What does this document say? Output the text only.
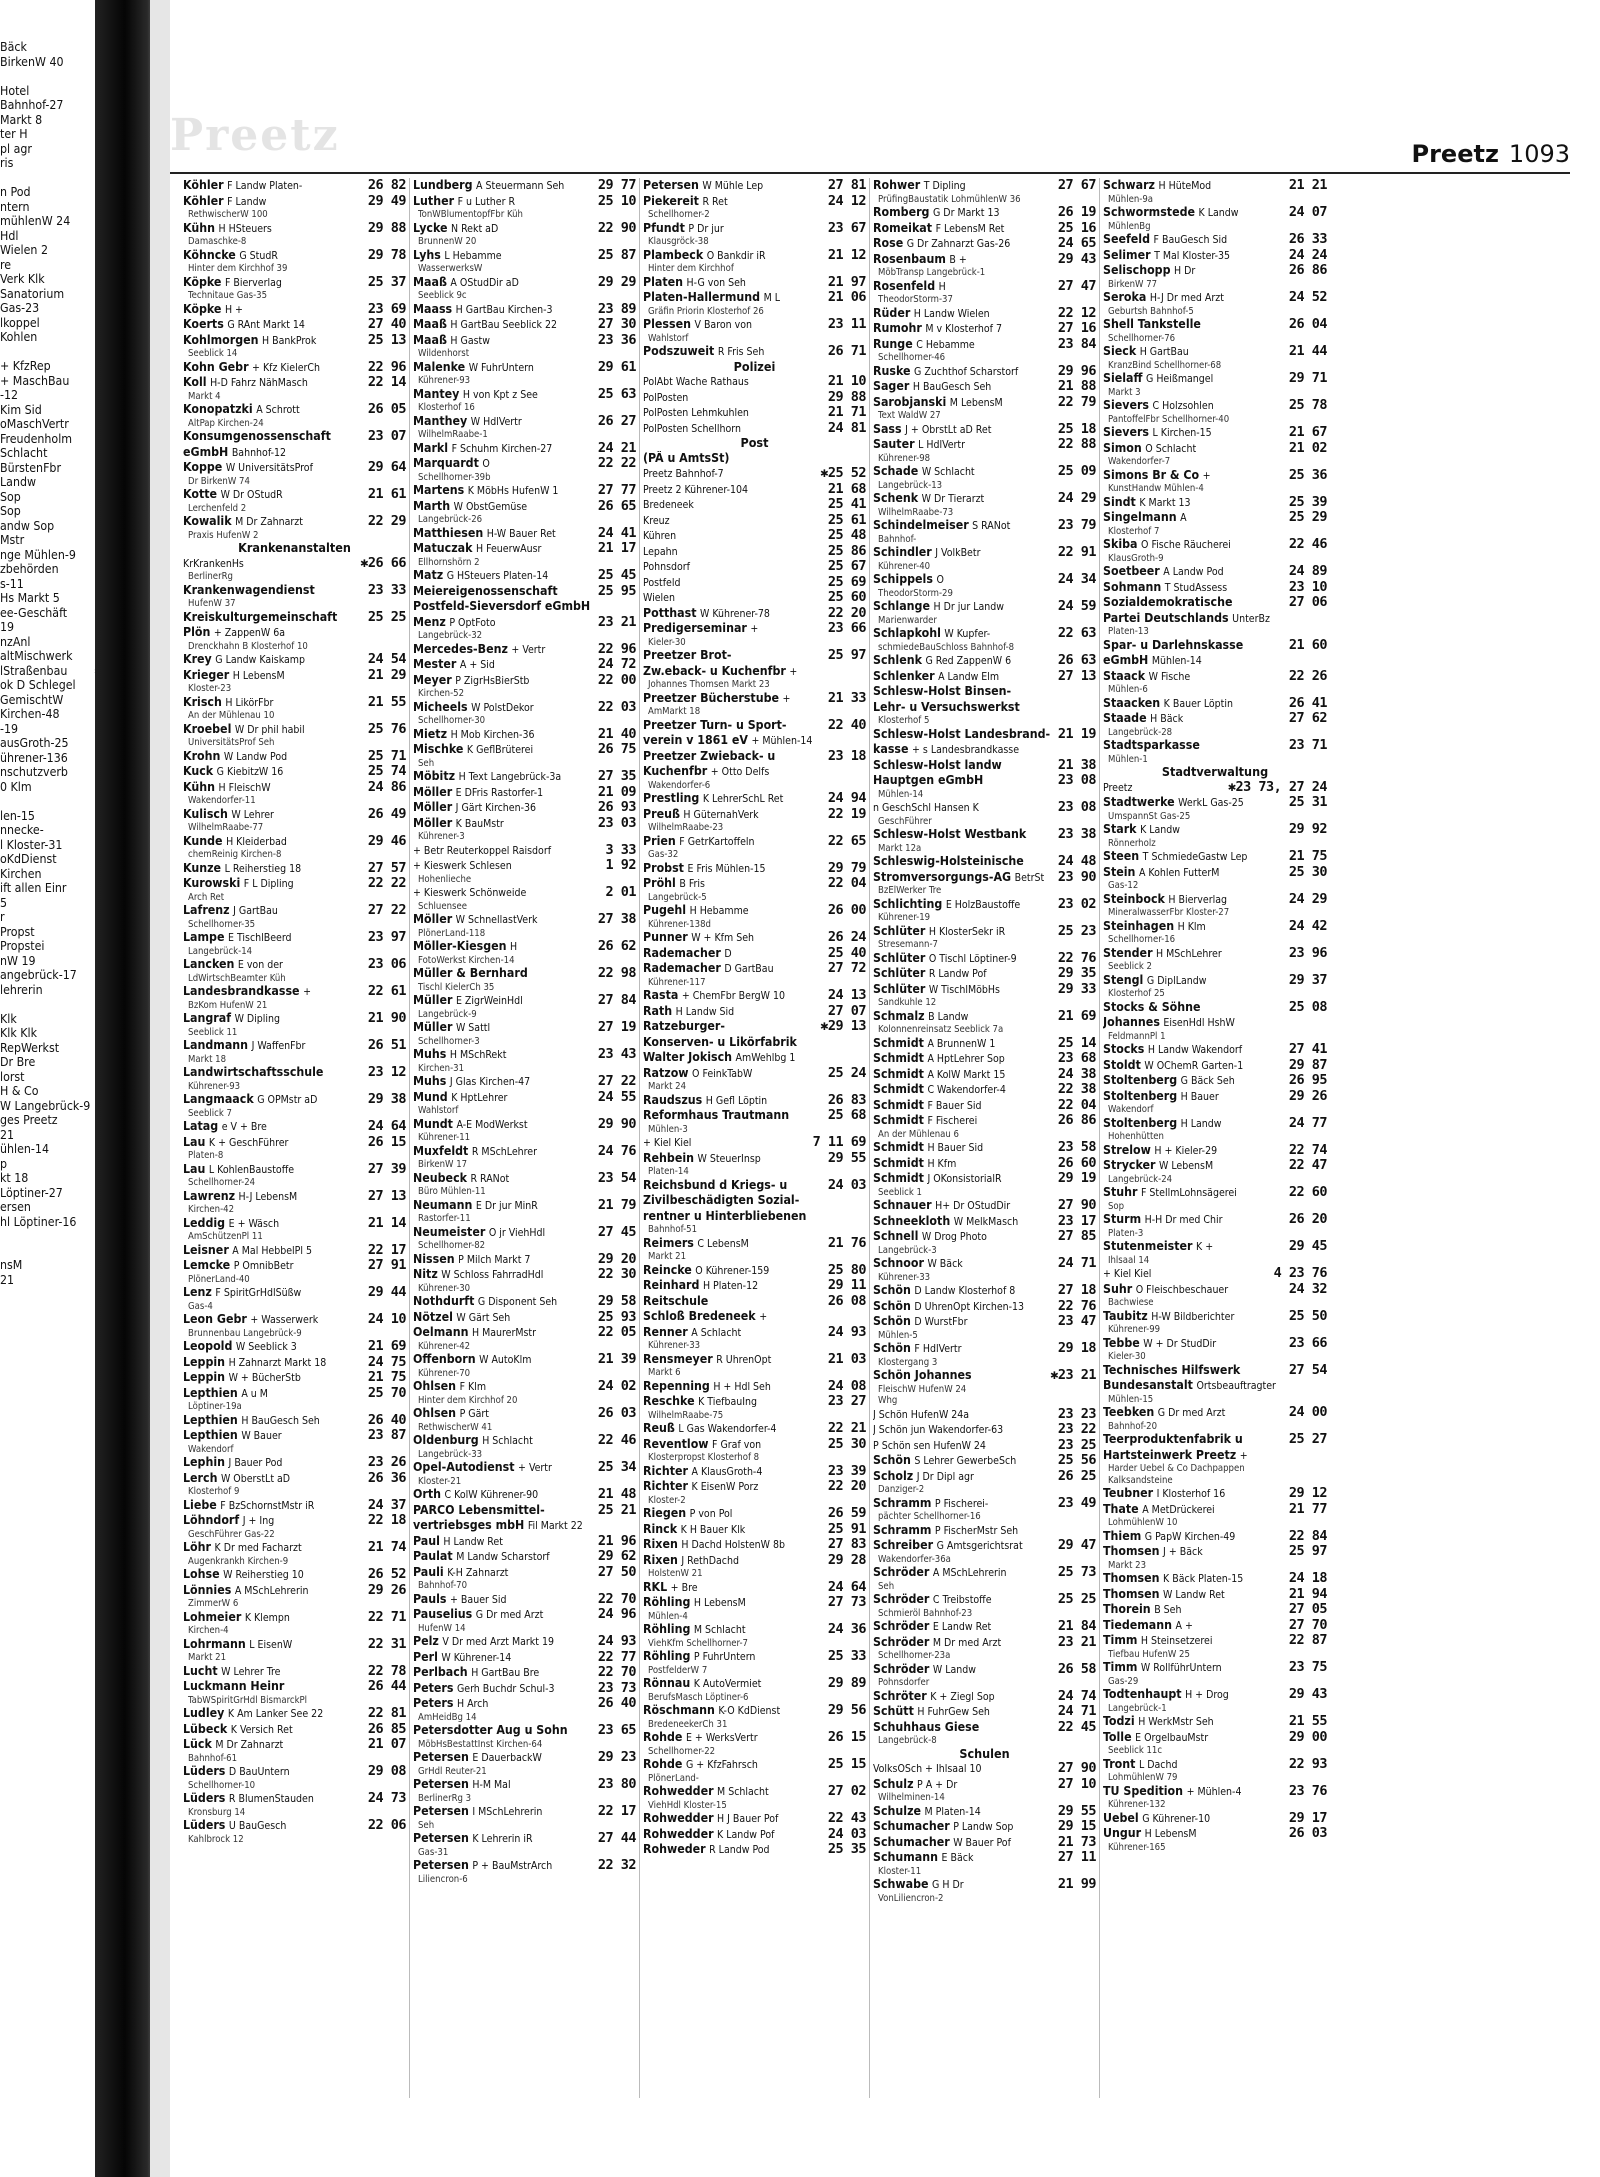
Bäck
BirkenW 40
Hotel
Bahnhof-27
Markt 8
ter H
pl agr
ris
n Pod
ntern
mühlenW 24
Hdl
Wielen 2
re
Verk Klk
Sanatorium
Gas-23
lkoppel
Kohlen
+ KfzRep
+ MaschBau
-12
Kim Sid
oMaschVertr
Freudenholm
Schlacht
BürstenFbr
Landw
Sop
Sop
andw Sop
Mstr
nge Mühlen-9
zbehörden
s-11
Hs Markt 5
ee-Geschäft
19
nzAnl
altMischwerk
lStraßenbau
ok D Schlegel
GemischtW
Kirchen-48
-19
ausGroth-25
ührener-136
nschutzverb
0 Klm
len-15
nnecke-
l Kloster-31
oKdDienst
Kirchen
ift allen Einr
5
r
Propst
Propstei
nW 19
angebrück-17
lehrerin
Klk
Klk Klk
RepWerkst
Dr Bre
lorst
H & Co
W Langebrück-9
ges Preetz
21
ühlen-14
p
kt 18
Löptiner-27
ersen
hl Löptiner-16
nsM
21
Preetz	Preetz 1093
Köhler F Landw Platen-	26 82
Köhler F Landw	29 49
RethwischerW 100
Kühn H HSteuers	29 88
Damaschke-8
Köhncke G StudR	29 78
Hinter dem Kirchhof 39
Köpke F Bierverlag	25 37
Technitaue Gas-35
Köpke H +	23 69
Koerts G RAnt Markt 14	27 40
Kohlmorgen H BankProk	25 13
Seeblick 14
Kohn Gebr + Kfz KielerCh	22 96
Koll H-D Fahrz NähMasch	22 14
Markt 4
Konopatzki A Schrott	26 05
AltPap Kirchen-24
Konsumgenossenschaft	23 07
eGmbH Bahnhof-12
Koppe W UniversitätsProf	29 64
Dr BirkenW 74
Kotte W Dr OStudR	21 61
Lerchenfeld 2
Kowalik M Dr Zahnarzt	22 29
Praxis HufenW 2
Krankenanstalten
KrKrankenHs	✱26 66
BerlinerRg
Krankenwagendienst	23 33
HufenW 37
Kreiskulturgemeinschaft	25 25
Plön + ZappenW 6a
Drenckhahn B Klosterhof 10
Krey G Landw Kaiskamp	24 54
Krieger H LebensM	21 29
Kloster-23
Krisch H LikörFbr	21 55
An der Mühlenau 10
Kroebel W Dr phil habil	25 76
UniversitätsProf Seh
Krohn W Landw Pod	25 71
Kuck G KiebitzW 16	25 74
Kühn H FleischW	24 86
Wakendorfer-11
Kulisch W Lehrer	26 49
WilhelmRaabe-77
Kunde H Kleiderbad	29 46
chemReinig Kirchen-8
Kunze L Reiherstieg 18	27 57
Kurowski F L Dipling	22 22
Arch Ret
Lafrenz J GartBau	27 22
Schellhorner-35
Lampe E TischlBeerd	23 97
Langebrück-14
Lancken E von der	23 06
LdWirtschBeamter Küh
Landesbrandkasse +	22 61
BzKom HufenW 21
Langraf W Dipling	21 90
Seeblick 11
Landmann J WaffenFbr	26 51
Markt 18
Landwirtschaftsschule	23 12
Kührener-93
Langmaack G OPMstr aD	29 38
Seeblick 7
Latag e V + Bre	24 64
Lau K + GeschFührer	26 15
Platen-8
Lau L KohlenBaustoffe	27 39
Schellhorner-24
Lawrenz H-J LebensM	27 13
Kirchen-42
Leddig E + Wäsch	21 14
AmSchützenPl 11
Leisner A Mal HebbelPl 5	22 17
Lemcke P OmnibBetr	27 91
PlönerLand-40
Lenz F SpiritGrHdlSüßw	29 44
Gas-4
Leon Gebr + Wasserwerk	24 10
Brunnenbau Langebrück-9
Leopold W Seeblick 3	21 69
Leppin H Zahnarzt Markt 18	24 75
Leppin W + BücherStb	21 75
Lepthien A u M	25 70
Löptiner-19a
Lepthien H BauGesch Seh	26 40
Lepthien W Bauer	23 87
Wakendorf
Lephin J Bauer Pod	23 26
Lerch W OberstLt aD	26 36
Klosterhof 9
Liebe F BzSchornstMstr iR	24 37
Löhndorf J + Ing	22 18
GeschFührer Gas-22
Löhr K Dr med Facharzt	21 74
Augenkrankh Kirchen-9
Lohse W Reiherstieg 10	26 52
Lönnies A MSchLehrerin	29 26
ZimmerW 6
Lohmeier K Klempn	22 71
Kirchen-4
Lohrmann L EisenW	22 31
Markt 21
Lucht W Lehrer Tre	22 78
Luckmann Heinr	26 44
TabWSpiritGrHdl BismarckPl
Ludley K Am Lanker See 22	22 81
Lübeck K Versich Ret	26 85
Lück M Dr Zahnarzt	21 07
Bahnhof-61
Lüders D BauUntern	29 08
Schellhorner-10
Lüders R BlumenStauden	24 73
Kronsburg 14
Lüders U BauGesch	22 06
Kahlbrock 12
Lundberg A Steuermann Seh	29 77
Luther F u Luther R	25 10
TonWBlumentopfFbr Küh
Lycke N Rekt aD	22 90
BrunnenW 20
Lyhs L Hebamme	25 87
WasserwerksW
Maaß A OStudDir aD	29 29
Seeblick 9c
Maass H GartBau Kirchen-3	23 89
Maaß H GartBau Seeblick 22	27 30
Maaß H Gastw	23 36
Wildenhorst
Malenke W FuhrUntern	29 61
Kührener-93
Mantey H von Kpt z See	25 63
Klosterhof 16
Manthey W HdlVertr	26 27
WilhelmRaabe-1
Markl F Schuhm Kirchen-27	24 21
Marquardt O	22 22
Schellhorner-39b
Martens K MöbHs HufenW 1	27 77
Marth W ObstGemüse	26 65
Langebrück-26
Matthiesen H-W Bauer Ret	24 41
Matuczak H FeuerwAusr	21 17
Ellhornshörn 2
Matz G HSteuers Platen-14	25 45
Meiereigenossenschaft	25 95
Postfeld-Sieversdorf eGmbH
Menz P OptFoto	23 21
Langebrück-32
Mercedes-Benz + Vertr	22 96
Mester A + Sid	24 72
Meyer P ZigrHsBierStb	22 00
Kirchen-52
Micheels W PolstDekor	22 03
Schellhorner-30
Mietz H Mob Kirchen-36	21 40
Mischke K GeflBrüterei	26 75
Seh
Möbitz H Text Langebrück-3a	27 35
Möller E DFris Rastorfer-1	21 09
Möller J Gärt Kirchen-36	26 93
Möller K BauMstr	23 03
Kührener-3
+ Betr Reuterkoppel Raisdorf	3 33
+ Kieswerk Schlesen	1 92
Hohenlieche
+ Kieswerk Schönweide	2 01
Schluensee
Möller W SchnellastVerk	27 38
PlönerLand-118
Möller-Kiesgen H	26 62
FotoWerkst Kirchen-14
Müller & Bernhard	22 98
Tischl KielerCh 35
Müller E ZigrWeinHdl	27 84
Langebrück-9
Müller W Sattl	27 19
Schellhorner-3
Muhs H MSchRekt	23 43
Kirchen-31
Muhs J Glas Kirchen-47	27 22
Mund K HptLehrer	24 55
Wahlstorf
Mundt A-E ModWerkst	29 90
Kührener-11
Muxfeldt R MSchLehrer	24 76
BirkenW 17
Neubeck R RANot	23 54
Büro Mühlen-11
Neumann E Dr jur MinR	21 79
Rastorfer-11
Neumeister O jr ViehHdl	27 45
Schellhorner-82
Nissen P Milch Markt 7	29 20
Nitz W Schloss FahrradHdl	22 30
Kührener-30
Nothdurft G Disponent Seh	29 58
Nötzel W Gärt Seh	25 93
Oelmann H MaurerMstr	22 05
Kührener-42
Offenborn W AutoKlm	21 39
Kührener-70
Ohlsen F Klm	24 02
Hinter dem Kirchhof 20
Ohlsen P Gärt	26 03
RethwischerW 41
Oldenburg H Schlacht	22 46
Langebrück-33
Opel-Autodienst + Vertr	25 34
Kloster-21
Orth C KolW Kührener-90	21 48
PARCO Lebensmittel-	25 21
vertriebsges mbH Fil Markt 22
Paul H Landw Ret	21 96
Paulat M Landw Scharstorf	29 62
Pauli K-H Zahnarzt	27 50
Bahnhof-70
Pauls + Bauer Sid	22 70
Pauselius G Dr med Arzt	24 96
HufenW 14
Pelz V Dr med Arzt Markt 19	24 93
Perl W Kührener-14	22 77
Perlbach H GartBau Bre	22 70
Peters Gerh Buchdr Schul-3	23 73
Peters H Arch	26 40
AmHeidBg 14
Petersdotter Aug u Sohn	23 65
MöbHsBestattInst Kirchen-64
Petersen E DauerbackW	29 23
GrHdl Reuter-21
Petersen H-M Mal	23 80
BerlinerRg 3
Petersen I MSchLehrerin	22 17
Seh
Petersen K Lehrerin iR	27 44
Gas-31
Petersen P + BauMstrArch	22 32
Liliencron-6
Petersen W Mühle Lep	27 81
Piekereit R Ret	24 12
Schellhorner-2
Pfundt P Dr jur	23 67
Klausgröck-38
Plambeck O Bankdir iR	21 12
Hinter dem Kirchhof
Platen H-G von Seh	21 97
Platen-Hallermund M L	21 06
Gräfin Priorin Klosterhof 26
Plessen V Baron von	23 11
Wahlstorf
Podszuweit R Fris Seh	26 71
Polizei
PolAbt Wache Rathaus	21 10
PolPosten	29 88
PolPosten Lehmkuhlen	21 71
PolPosten Schellhorn	24 81
Post
(PÄ u AmtsSt)
Preetz Bahnhof-7	✱25 52
Preetz 2 Kührener-104	21 68
Bredeneek	25 41
Kreuz	25 61
Kühren	25 48
Lepahn	25 86
Pohnsdorf	25 67
Postfeld	25 69
Wielen	25 60
Potthast W Kührener-78	22 20
Predigerseminar +	23 66
Kieler-30
Preetzer Brot-	25 97
Zw.eback- u Kuchenfbr +
Johannes Thomsen Markt 23
Preetzer Bücherstube +	21 33
AmMarkt 18
Preetzer Turn- u Sport-	22 40
verein v 1861 eV + Mühlen-14
Preetzer Zwieback- u	23 18
Kuchenfbr + Otto Delfs
Wakendorfer-6
Prestling K LehrerSchL Ret	24 94
Preuß H GüternahVerk	22 19
WilhelmRaabe-23
Prien F GetrKartoffeln	22 65
Gas-32
Probst E Fris Mühlen-15	29 79
Pröhl B Fris	22 04
Langebrück-5
Pugehl H Hebamme	26 00
Kührener-138d
Punner W + Kfm Seh	26 24
Rademacher D	25 40
Rademacher D GartBau	27 72
Kührener-117
Rasta + ChemFbr BergW 10	24 13
Rath H Landw Sid	27 07
Ratzeburger-	✱29 13
Konserven- u Likörfabrik
Walter Jokisch AmWehlbg 1
Ratzow O FeinkTabW	25 24
Markt 24
Raudszus H Gefl Löptin	26 83
Reformhaus Trautmann	25 68
Mühlen-3
+ Kiel Kiel	7 11 69
Rehbein W SteuerInsp	29 55
Platen-14
Reichsbund d Kriegs- u	24 03
Zivilbeschädigten Sozial-
rentner u Hinterbliebenen
Bahnhof-51
Reimers C LebensM	21 76
Markt 21
Reincke O Kührener-159	25 80
Reinhard H Platen-12	29 11
Reitschule	26 08
Schloß Bredeneek +
Renner A Schlacht	24 93
Kührener-33
Rensmeyer R UhrenOpt	21 03
Markt 6
Repenning H + Hdl Seh	24 08
Reschke K TiefbauIng	23 27
WilhelmRaabe-75
Reuß L Gas Wakendorfer-4	22 21
Reventlow F Graf von	25 30
Klosterpropst Klosterhof 8
Richter A KlausGroth-4	23 39
Richter K EisenW Porz	22 20
Kloster-2
Riegen P von Pol	26 59
Rinck K H Bauer Klk	25 91
Rixen H Dachd HolstenW 8b	27 83
Rixen J RethDachd	29 28
HolstenW 21
RKL + Bre	24 64
Röhling H LebensM	27 73
Mühlen-4
Röhling M Schlacht	24 36
ViehKfm Schellhorner-7
Röhling P FuhrUntern	25 33
PostfelderW 7
Rönnau K AutoVermiet	29 89
BerufsMasch Löptiner-6
Röschmann K-O KdDienst	29 56
BredeneekerCh 31
Rohde E + WerksVertr	26 15
Schellhorner-22
Rohde G + KfzFahrsch	25 15
PlönerLand-
Rohwedder M Schlacht	27 02
ViehHdl Kloster-15
Rohwedder H J Bauer Pof	22 43
Rohwedder K Landw Pof	24 03
Rohweder R Landw Pod	25 35
Rohwer T Dipling	27 67
PrüfingBaustatik LohmühlenW 36
Romberg G Dr Markt 13	26 19
Romeikat F LebensM Ret	25 16
Rose G Dr Zahnarzt Gas-26	24 65
Rosenbaum B +	29 43
MöbTransp Langebrück-1
Rosenfeld H	27 47
TheodorStorm-37
Rüder H Landw Wielen	22 12
Rumohr M v Klosterhof 7	27 16
Runge C Hebamme	23 84
Schellhorner-46
Ruske G Zuchthof Scharstorf	29 96
Sager H BauGesch Seh	21 88
Sarobjanski M LebensM	22 79
Text WaldW 27
Sass J + ObrstLt aD Ret	25 18
Sauter L HdlVertr	22 88
Kührener-98
Schade W Schlacht	25 09
Langebrück-13
Schenk W Dr Tierarzt	24 29
WilhelmRaabe-73
Schindelmeiser S RANot	23 79
Bahnhof-
Schindler J VolkBetr	22 91
Kührener-40
Schippels O	24 34
TheodorStorm-29
Schlange H Dr jur Landw	24 59
Marienwarder
Schlapkohl W Kupfer-	22 63
schmiedeBauSchloss Bahnhof-8
Schlenk G Red ZappenW 6	26 63
Schlenker A Landw Elm	27 13
Schlesw-Holst Binsen-
Lehr- u Versuchswerkst
Klosterhof 5
Schlesw-Holst Landesbrand- 21 19
kasse + s Landesbrandkasse
Schlesw-Holst landw	21 38
Hauptgen eGmbH	23 08
Mühlen-14
n GeschSchl Hansen K	23 08
GeschFührer
Schlesw-Holst Westbank	23 38
Markt 12a
Schleswig-Holsteinische	24 48
Stromversorgungs-AG BetrSt	23 90
BzElWerker Tre
Schlichting E HolzBaustoffe	23 02
Kührener-19
Schlüter H KlosterSekr iR	25 23
Stresemann-7
Schlüter O Tischl Löptiner-9	22 76
Schlüter R Landw Pof	29 35
Schlüter W TischlMöbHs	29 33
Sandkuhle 12
Schmalz B Landw	21 69
Kolonnenreinsatz Seeblick 7a
Schmidt A BrunnenW 1	25 14
Schmidt A HptLehrer Sop	23 68
Schmidt A KolW Markt 15	24 38
Schmidt C Wakendorfer-4	22 38
Schmidt F Bauer Sid	22 04
Schmidt F Fischerei	26 86
An der Mühlenau 6
Schmidt H Bauer Sid	23 58
Schmidt H Kfm	26 60
Schmidt J OKonsistorialR	29 19
Seeblick 1
Schnauer H+ Dr OStudDir	27 90
Schneekloth W MelkMasch	23 17
Schnell W Drog Photo	27 85
Langebrück-3
Schnoor W Bäck	24 71
Kührener-33
Schön D Landw Klosterhof 8	27 18
Schön D UhrenOpt Kirchen-13	22 76
Schön D WurstFbr	23 47
Mühlen-5
Schön F HdlVertr	29 18
Klostergang 3
Schön Johannes	✱23 21
FleischW HufenW 24
Whg
J Schön HufenW 24a	23 23
J Schön jun Wakendorfer-63	23 22
P Schön sen HufenW 24	23 25
Schön S Lehrer GewerbeSch	25 56
Scholz J Dr Dipl agr	26 25
Danziger-2
Schramm P Fischerei-	23 49
pächter Schellhorner-16
Schramm P FischerMstr Seh
Schreiber G Amtsgerichtsrat	29 47
Wakendorfer-36a
Schröder A MSchLehrerin	25 73
Seh
Schröder C Treibstoffe	25 25
Schmieröl Bahnhof-23
Schröder E Landw Ret	21 84
Schröder M Dr med Arzt	23 21
Schellhorner-23a
Schröder W Landw	26 58
Pohnsdorfer
Schröter K + Ziegl Sop	24 74
Schütt H FuhrGew Seh	24 71
Schuhhaus Giese	22 45
Langebrück-8
Schulen
VolksOSch + Ihlsaal 10	27 90
Schulz P A + Dr	27 10
Wilhelminen-14
Schulze M Platen-14	29 55
Schumacher P Landw Sop	29 15
Schumacher W Bauer Pof	21 73
Schumann E Bäck	27 11
Kloster-11
Schwabe G H Dr	21 99
VonLiliencron-2
Schwarz H HüteMod	21 21
Mühlen-9a
Schwormstede K Landw	24 07
MühlenBg
Seefeld F BauGesch Sid	26 33
Selimer T Mal Kloster-35	24 24
Selischopp H Dr	26 86
BirkenW 77
Seroka H-J Dr med Arzt	24 52
Geburtsh Bahnhof-5
Shell Tankstelle	26 04
Schellhorner-76
Sieck H GartBau	21 44
KranzBind Schellhorner-68
Sielaff G Heißmangel	29 71
Markt 3
Sievers C Holzsohlen	25 78
PantoffelFbr Schellhorner-40
Sievers L Kirchen-15	21 67
Simon O Schlacht	21 02
Wakendorfer-7
Simons Br & Co +	25 36
KunstHandw Mühlen-4
Sindt K Markt 13	25 39
Singelmann A	25 29
Klosterhof 7
Skiba O Fische Räucherei	22 46
KlausGroth-9
Soetbeer A Landw Pod	24 89
Sohmann T StudAssess	23 10
Sozialdemokratische	27 06
Partei Deutschlands UnterBz
Platen-13
Spar- u Darlehnskasse	21 60
eGmbH Mühlen-14
Staack W Fische	22 26
Mühlen-6
Staacken K Bauer Löptin	26 41
Staade H Bäck	27 62
Langebrück-28
Stadtsparkasse	23 71
Mühlen-1
Stadtverwaltung
Preetz	✱23 73, 27 24
Stadtwerke WerkL Gas-25	25 31
UmspannSt Gas-25
Stark K Landw	29 92
Rönnerholz
Steen T SchmiedeGastw Lep	21 75
Stein A Kohlen FutterM	25 30
Gas-12
Steinbock H Bierverlag	24 29
MineralwasserFbr Kloster-27
Steinhagen H Klm	24 42
Schellhorner-16
Stender H MSchLehrer	23 96
Seeblick 2
Stengl G DiplLandw	29 37
Klosterhof 25
Stocks & Söhne	25 08
Johannes EisenHdl HshW
FeldmannPl 1
Stocks H Landw Wakendorf	27 41
Stoldt W OChemR Garten-1	29 87
Stoltenberg G Bäck Seh	26 95
Stoltenberg H Bauer	29 26
Wakendorf
Stoltenberg H Landw	24 77
Hohenhütten
Strelow H + Kieler-29	22 74
Strycker W LebensM	22 47
Langebrück-24
Stuhr F StellmLohnsägerei	22 60
Sop
Sturm H-H Dr med Chir	26 20
Platen-3
Stutenmeister K +	29 45
Ihlsaal 14
+ Kiel Kiel	4 23 76
Suhr O Fleischbeschauer	24 32
Bachwiese
Taubitz H-W Bildberichter	25 50
Kührener-99
Tebbe W + Dr StudDir	23 66
Kieler-30
Technisches Hilfswerk	27 54
Bundesanstalt Ortsbeauftragter
Mühlen-15
Teebken G Dr med Arzt	24 00
Bahnhof-20
Teerproduktenfabrik u	25 27
Hartsteinwerk Preetz +
Harder Uebel & Co Dachpappen
Kalksandsteine
Teubner I Klosterhof 16	29 12
Thate A MetDrückerei	21 77
LohmühlenW 10
Thiem G PapW Kirchen-49	22 84
Thomsen J + Bäck	25 97
Markt 23
Thomsen K Bäck Platen-15	24 18
Thomsen W Landw Ret	21 94
Thorein B Seh	27 05
Tiedemann A +	27 70
Timm H Steinsetzerei	22 87
Tiefbau HufenW 25
Timm W RollführUntern	23 75
Gas-29
Todtenhaupt H + Drog	29 43
Langebrück-1
Todzi H WerkMstr Seh	21 55
Tolle E OrgelbauMstr	29 00
Seeblick 11c
Tront L Dachd	22 93
LohmühlenW 79
TU Spedition + Mühlen-4	23 76
Kührener-132
Uebel G Kührener-10	29 17
Ungur H LebensM	26 03
Kührener-165
